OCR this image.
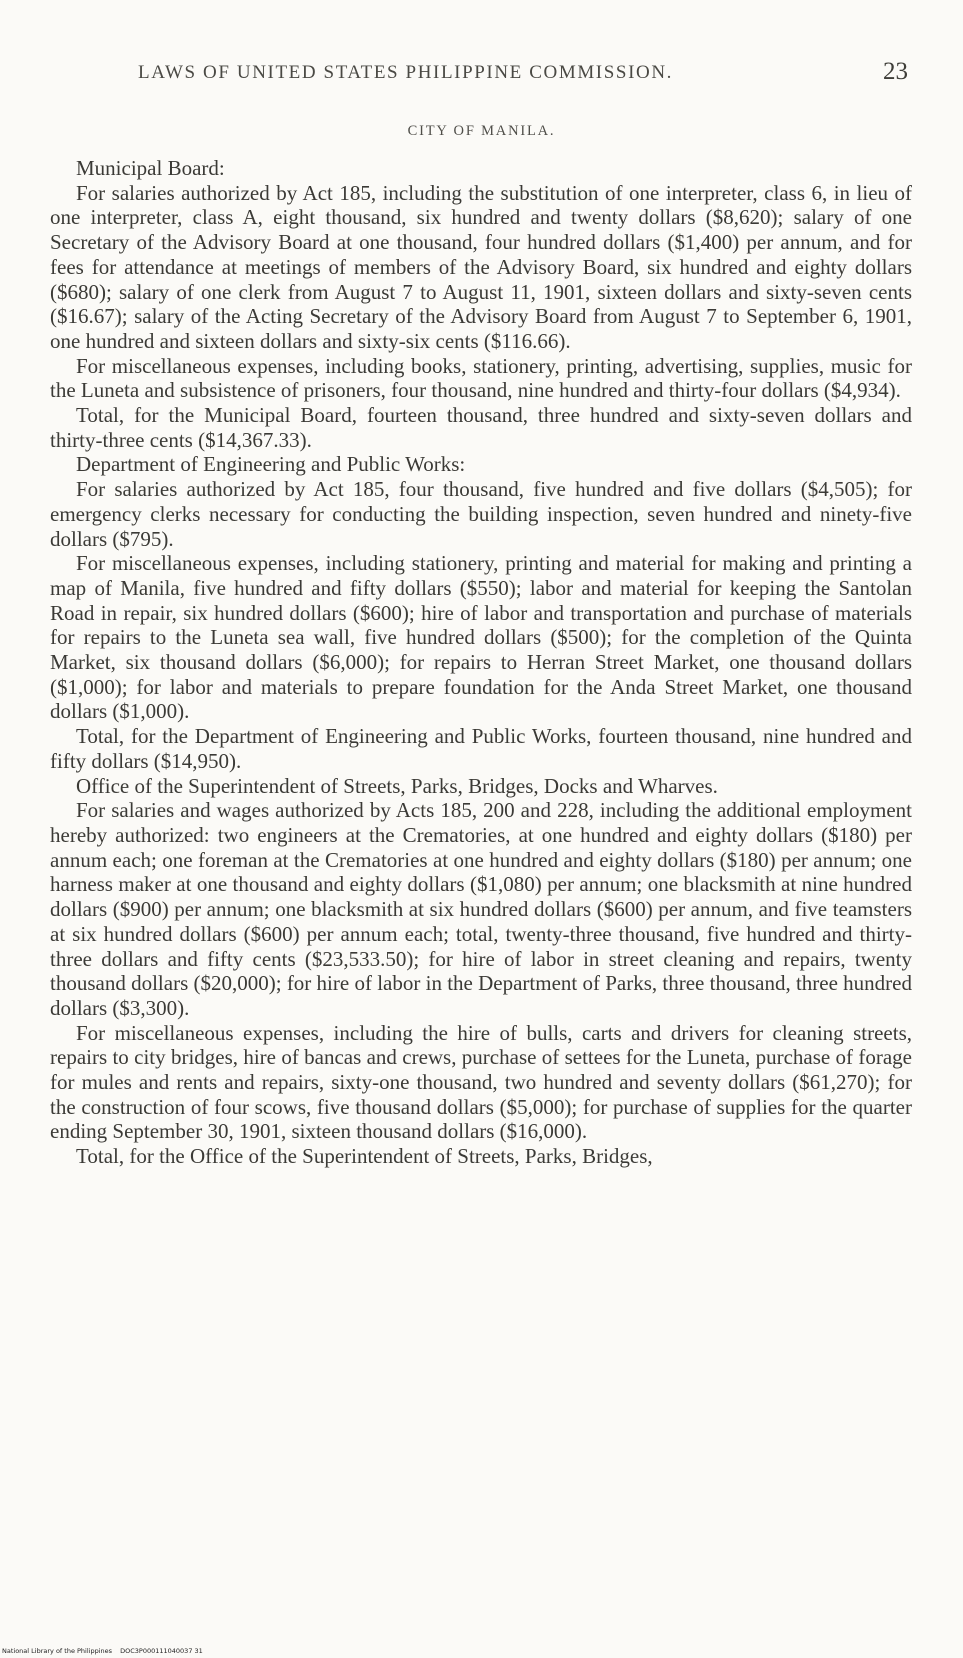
LAWS OF UNITED STATES PHILIPPINE COMMISSION.	23
CITY OF MANILA.

Municipal Board:

For salaries authorized by Act 185, including the substitution of one interpreter, class 6, in lieu of one interpreter, class A, eight thousand, six hundred and twenty dollars ($8,620); salary of one Secretary of the Advisory Board at one thousand, four hundred dollars ($1,400) per annum, and for fees for attendance at meetings of members of the Advisory Board, six hundred and eighty dollars ($680); salary of one clerk from August 7 to August 11, 1901, sixteen dollars and sixty-seven cents ($16.67); salary of the Acting Secretary of the Advisory Board from August 7 to September 6, 1901, one hundred and sixteen dollars and sixty-six cents ($116.66).

For miscellaneous expenses, including books, stationery, printing, advertising, supplies, music for the Luneta and subsistence of prisoners, four thousand, nine hundred and thirty-four dollars ($4,934).

Total, for the Municipal Board, fourteen thousand, three hundred and sixty-seven dollars and thirty-three cents ($14,367.33).

Department of Engineering and Public Works:

For salaries authorized by Act 185, four thousand, five hundred and five dollars ($4,505); for emergency clerks necessary for conducting the building inspection, seven hundred and ninety-five dollars ($795).

For miscellaneous expenses, including stationery, printing and material for making and printing a map of Manila, five hundred and fifty dollars ($550); labor and material for keeping the Santolan Road in repair, six hundred dollars ($600); hire of labor and transportation and purchase of materials for repairs to the Luneta sea wall, five hundred dollars ($500); for the completion of the Quinta Market, six thousand dollars ($6,000); for repairs to Herran Street Market, one thousand dollars ($1,000); for labor and materials to prepare foundation for the Anda Street Market, one thousand dollars ($1,000).

Total, for the Department of Engineering and Public Works, fourteen thousand, nine hundred and fifty dollars ($14,950).

Office of the Superintendent of Streets, Parks, Bridges, Docks and Wharves.

For salaries and wages authorized by Acts 185, 200 and 228, including the additional employment hereby authorized: two engineers at the Crematories, at one hundred and eighty dollars ($180) per annum each; one foreman at the Crematories at one hundred and eighty dollars ($180) per annum; one harness maker at one thousand and eighty dollars ($1,080) per annum; one blacksmith at nine hundred dollars ($900) per annum; one blacksmith at six hundred dollars ($600) per annum, and five teamsters at six hundred dollars ($600) per annum each; total, twenty-three thousand, five hundred and thirty-three dollars and fifty cents ($23,533.50); for hire of labor in street cleaning and repairs, twenty thousand dollars ($20,000); for hire of labor in the Department of Parks, three thousand, three hundred dollars ($3,300).

For miscellaneous expenses, including the hire of bulls, carts and drivers for cleaning streets, repairs to city bridges, hire of bancas and crews, purchase of settees for the Luneta, purchase of forage for mules and rents and repairs, sixty-one thousand, two hundred and seventy dollars ($61,270); for the construction of four scows, five thousand dollars ($5,000); for purchase of supplies for the quarter ending September 30, 1901, sixteen thousand dollars ($16,000).

Total, for the Office of the Superintendent of Streets, Parks, Bridges,

National Library of the Philippines DOC3P000111040037 31
